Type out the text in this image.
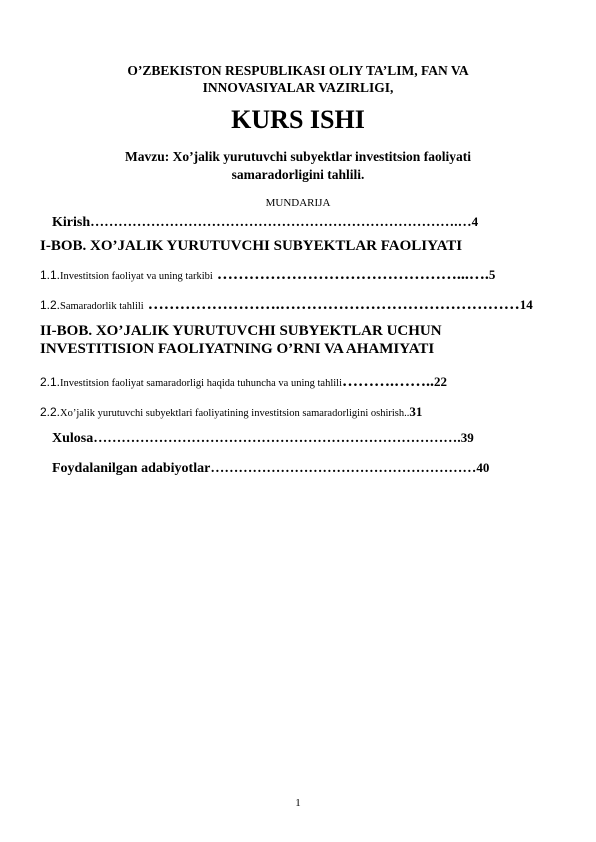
O’ZBEKISTON RESPUBLIKASI OLIY TA’LIM, FAN VA
INNOVASIYALAR VAZIRLIGI,
KURS ISHI
Mavzu: Xo’jalik yurutuvchi subyektlar investitsion faoliyati
samaradorligini tahlili.
MUNDARIJA
Kirish…………………………………………………………………….…4
I-BOB. XO’JALIK YURUTUVCHI SUBYEKTLAR FAOLIYATI
1.1.Investitsion faoliyat va uning tarkibi ………………………………………...….5
1.2.Samaradorlik tahlili …………………….………………………………………14
II-BOB. XO’JALIK YURUTUVCHI SUBYEKTLAR UCHUN
INVESTITISION FAOLIYATNING O’RNI VA AHAMIYATI
2.1.Investitsion faoliyat samaradorligi haqida tuhuncha va uning tahlili……….……..22
2.2.Xo’jalik yurutuvchi subyektlari faoliyatining investitsion samaradorligini oshirish..31
Xulosa…………………………………………………………………….39
Foydalanilgan adabiyotlar…………………………………………………40
1
